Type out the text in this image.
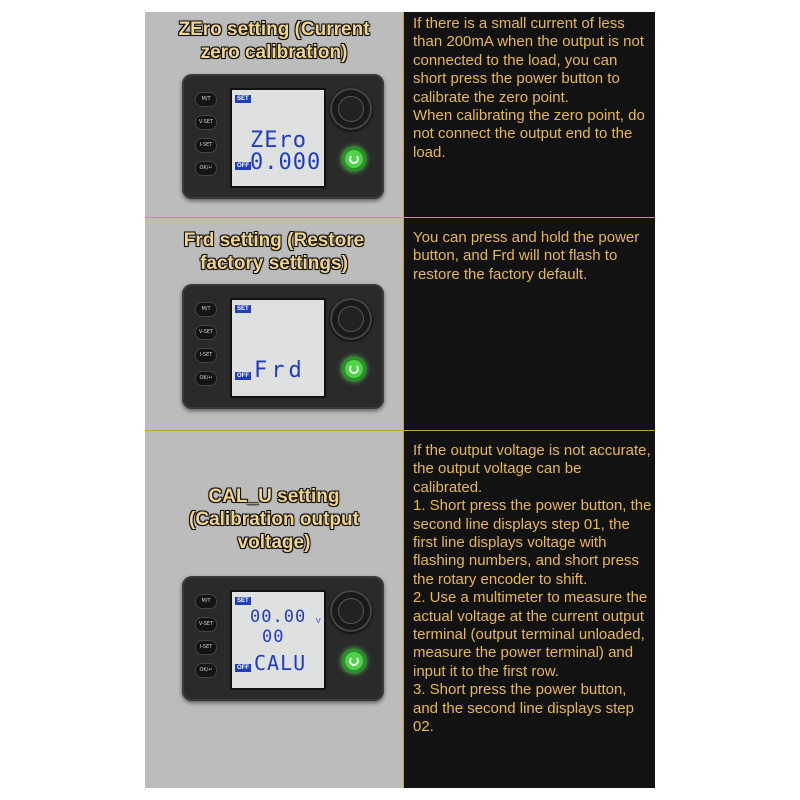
ZEro setting (Current
zero calibration)

If there is a small current of less than 200mA when the output is not connected to the load, you can short press the power button to calibrate the zero point.

When calibrating the zero point, do not connect the output end to the load.

M/T
V-SET
I-SET
OK/↵
SET
ZEro
OFF 0.000
Frd setting (Restore
factory settings)

You can press and hold the power button, and Frd will not flash to restore the factory default.

M/T
V-SET
I-SET
OK/↵
SET
OFF Frd
CAL_U setting
(Calibration output
voltage)

If the output voltage is not accurate, the output voltage can be calibrated.

1. Short press the power button, the second line displays step 01, the first line displays voltage with flashing numbers, and short press the rotary encoder to shift.

2. Use a multimeter to measure the actual voltage at the current output terminal (output terminal unloaded, measure the power terminal) and input it to the first row.

3. Short press the power button, and the second line displays step 02.

M/T
V-SET
I-SET
OK/↵
SET
00.00 V
00
OFF CALU
